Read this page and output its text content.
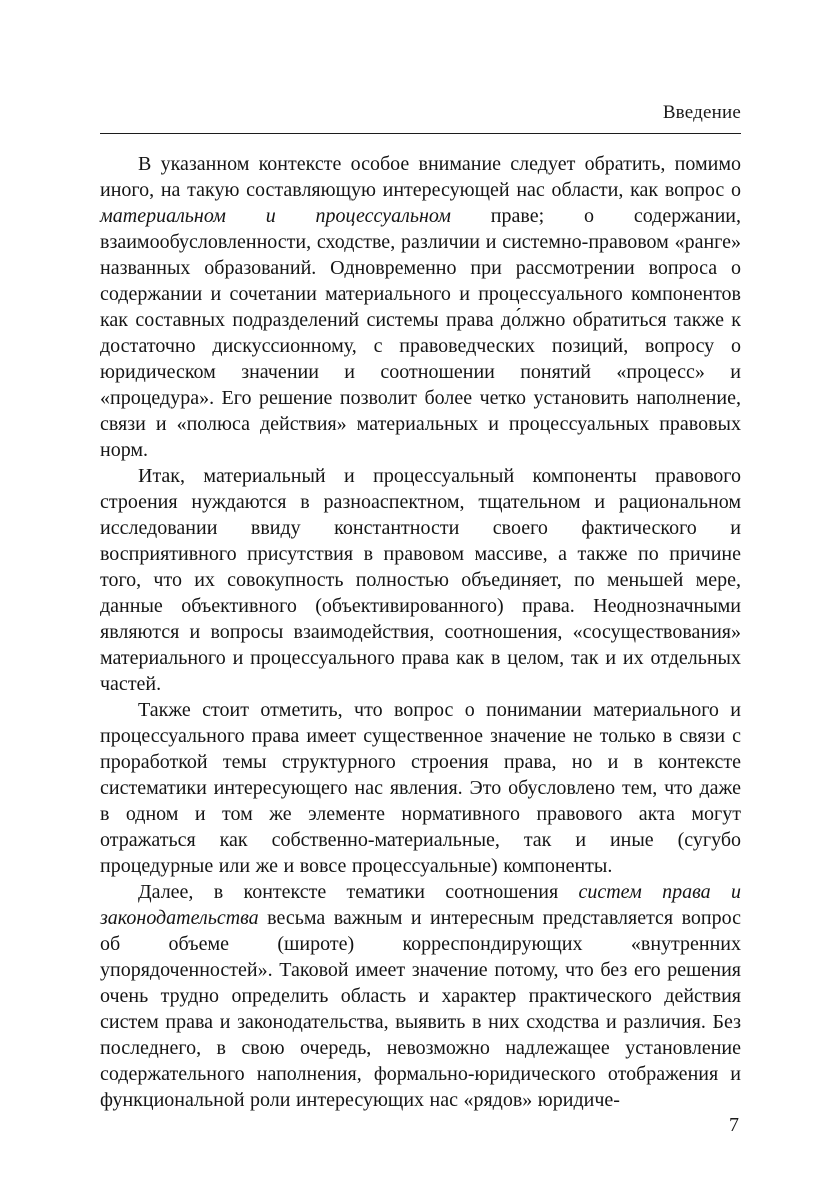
Введение

В указанном контексте особое внимание следует обратить, помимо иного, на такую составляющую интересующей нас области, как вопрос о материальном и процессуальном праве; о содержании, взаимообусловленности, сходстве, различии и системно-правовом «ранге» названных образований. Одновременно при рассмотрении вопроса о содержании и сочетании материального и процессуального компонентов как составных подразделений системы права до́лжно обратиться также к достаточно дискуссионному, с правоведческих позиций, вопросу о юридическом значении и соотношении понятий «процесс» и «процедура». Его решение позволит более четко установить наполнение, связи и «полюса действия» материальных и процессуальных правовых норм.

Итак, материальный и процессуальный компоненты правового строения нуждаются в разноаспектном, тщательном и рациональном исследовании ввиду константности своего фактического и восприятивного присутствия в правовом массиве, а также по причине того, что их совокупность полностью объединяет, по меньшей мере, данные объективного (объективированного) права. Неоднозначными являются и вопросы взаимодействия, соотношения, «сосуществования» материального и процессуального права как в целом, так и их отдельных частей.

Также стоит отметить, что вопрос о понимании материального и процессуального права имеет существенное значение не только в связи с проработкой темы структурного строения права, но и в контексте систематики интересующего нас явления. Это обусловлено тем, что даже в одном и том же элементе нормативного правового акта могут отражаться как собственно-материальные, так и иные (сугубо процедурные или же и вовсе процессуальные) компоненты.

Далее, в контексте тематики соотношения систем права и законодательства весьма важным и интересным представляется вопрос об объеме (широте) корреспондирующих «внутренних упорядоченностей». Таковой имеет значение потому, что без его решения очень трудно определить область и характер практического действия систем права и законодательства, выявить в них сходства и различия. Без последнего, в свою очередь, невозможно надлежащее установление содержательного наполнения, формально-юридического отображения и функциональной роли интересующих нас «рядов» юридиче-

7
